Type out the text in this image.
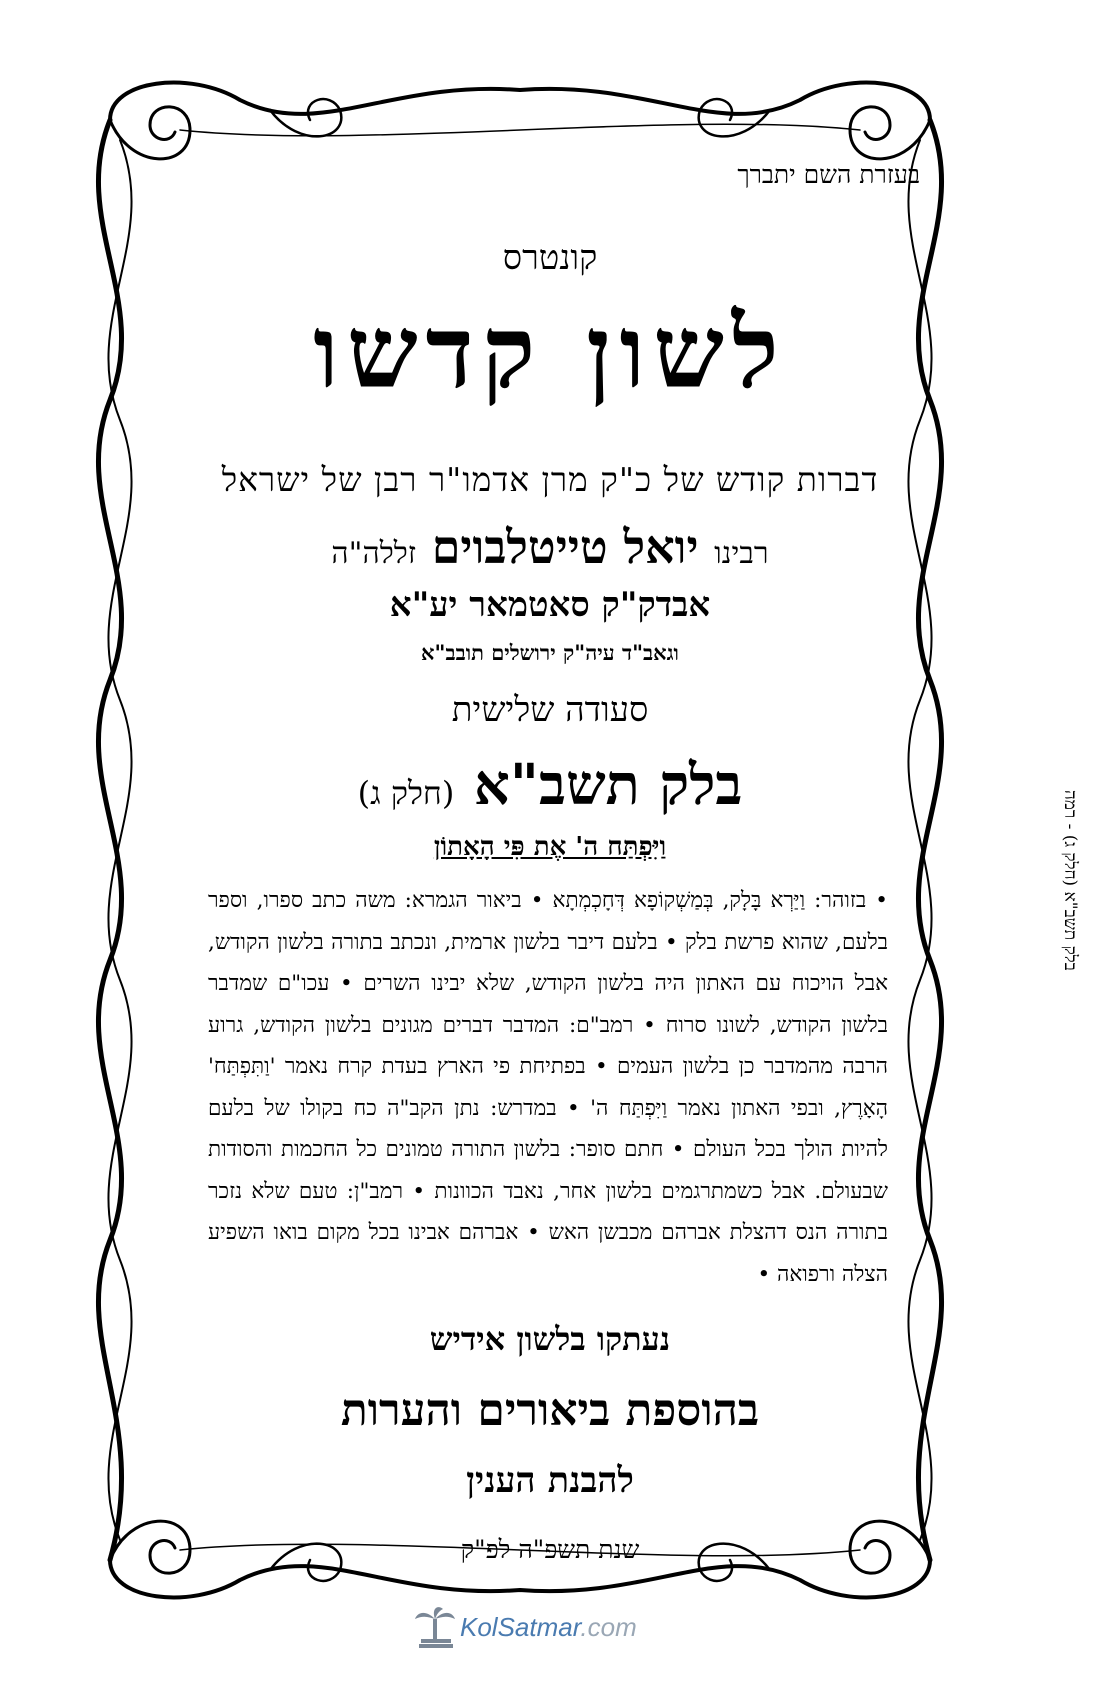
בעזרת השם יתברך
קונטרס
לשון קדשו
דברות קודש של כ"ק מרן אדמו"ר רבן של ישראל
רבינו יואל טייטלבוים זללה"ה
אבדק"ק סאטמאר יע"א
וגאב"ד עיה"ק ירושלים תובב"א
סעודה שלישית
בלק תשב"א (חלק ג)
וַיִּפְתַּח ה' אֶת פִּי הָאָתוֹן
• בזוהר: וַיַּרְא בָּלָק, בְּמַשְׁקוֹפָא דְּחָכְמְתָא • ביאור הגמרא: משה כתב ספרו, וספר בלעם, שהוא פרשת בלק • בלעם דיבר בלשון ארמית, ונכתב בתורה בלשון הקודש, אבל הויכוח עם האתון היה בלשון הקודש, שלא יבינו השרים • עכו"ם שמדבר בלשון הקודש, לשונו סרוח • רמב"ם: המדבר דברים מגונים בלשון הקודש, גרוע הרבה מהמדבר כן בלשון העמים • בפתיחת פי הארץ בעדת קרח נאמר 'וַתִּפְתַּח' הָאָרֶץ, ובפי האתון נאמר וַיִּפְתַּח ה' • במדרש: נתן הקב"ה כח בקולו של בלעם להיות הולך בכל העולם • חתם סופר: בלשון התורה טמונים כל החכמות והסודות שבעולם. אבל כשמתרגמים בלשון אחר, נאבד הכוונות • רמב"ן: טעם שלא נזכר בתורה הנס דהצלת אברהם מכבשן האש • אברהם אבינו בכל מקום בואו השפיע הצלה ורפואה •
נעתקו בלשון אידיש
בהוספת ביאורים והערות
להבנת הענין
שנת תשפ"ה לפ"ק
בלק תשב"א (חלק ג) - רמה
KolSatmar.com
